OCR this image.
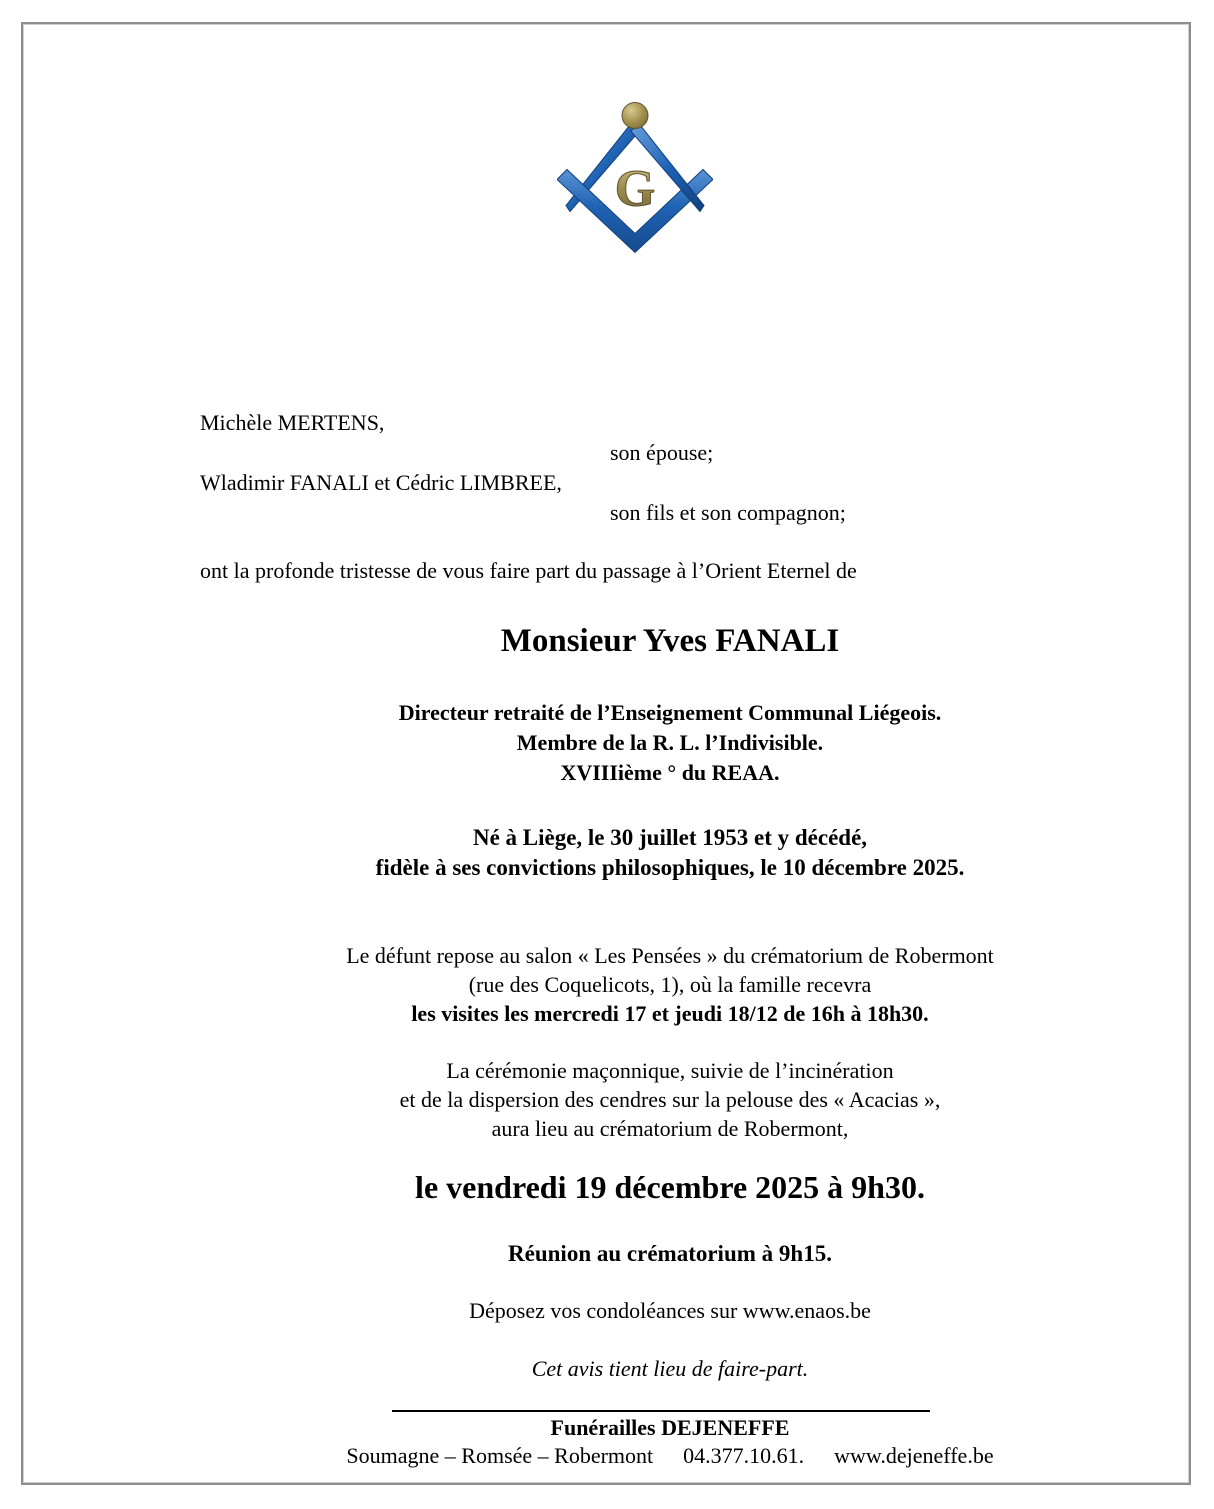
G
Michèle MERTENS,
son épouse;
Wladimir FANALI et Cédric LIMBREE,
son fils et son compagnon;
ont la profonde tristesse de vous faire part du passage à l’Orient Eternel de
Monsieur Yves FANALI
Directeur retraité de l’Enseignement Communal Liégeois.
Membre de la R. L. l’Indivisible.
XVIIIième ° du REAA.
Né à Liège, le 30 juillet 1953 et y décédé,
fidèle à ses convictions philosophiques, le 10 décembre 2025.
Le défunt repose au salon « Les Pensées » du crématorium de Robermont
(rue des Coquelicots, 1), où la famille recevra
les visites les mercredi 17 et jeudi 18/12 de 16h à 18h30.
La cérémonie maçonnique, suivie de l’incinération
et de la dispersion des cendres sur la pelouse des « Acacias »,
aura lieu au crématorium de Robermont,
le vendredi 19 décembre 2025 à 9h30.
Réunion au crématorium à 9h15.
Déposez vos condoléances sur www.enaos.be
Cet avis tient lieu de faire-part.
Funérailles DEJENEFFE
Soumagne – Romsée – Robermont 04.377.10.61. www.dejeneffe.be
